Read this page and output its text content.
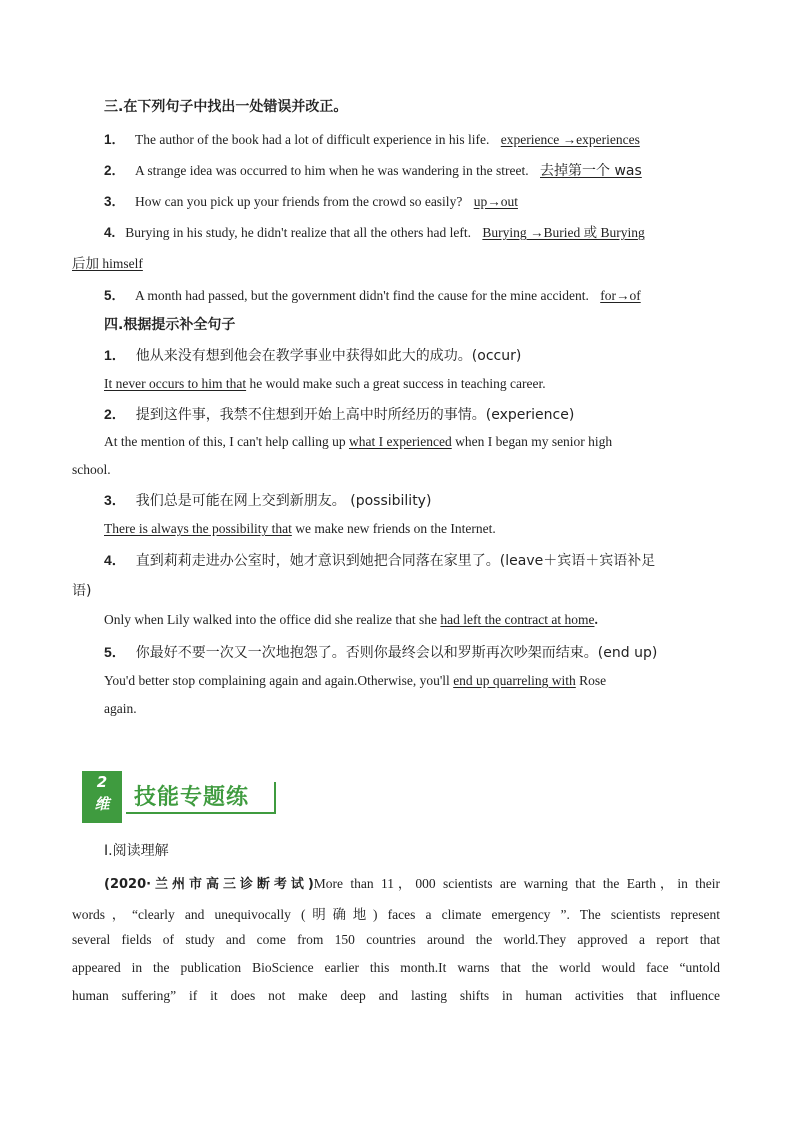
三.在下列句子中找出一处错误并改正。
1． The author of the book had a lot of difficult experience in his life. experience →experiences
2． A strange idea was occurred to him when he was wandering in the street. 去掉第一个 was
3． How can you pick up your friends from the crowd so easily? up→out
4. Burying in his study, he didn't realize that all the others had left. Burying →Buried 或 Burying
后加 himself
5． A month had passed, but the government didn't find the cause for the mine accident. for→of
四.根据提示补全句子
1． 他从来没有想到他会在教学事业中获得如此大的成功。(occur)
It never occurs to him that he would make such a great success in teaching career.
2． 提到这件事，我禁不住想到开始上高中时所经历的事情。(experience)
At the mention of this, I can't help calling up what I experienced when I began my senior high
school.
3． 我们总是可能在网上交到新朋友。 (possibility)
There is always the possibility that we make new friends on the Internet.
4． 直到莉莉走进办公室时，她才意识到她把合同落在家里了。(leave＋宾语＋宾语补足
语)
Only when Lily walked into the office did she realize that she had left the contract at home.
5． 你最好不要一次又一次地抱怨了。否则你最终会以和罗斯再次吵架而结束。(end up)
You'd better stop complaining again and again.Otherwise, you'll end up quarreling with Rose
again.
2
维	技能专题练
Ⅰ.阅读理解
(2020·兰州市高三诊断考试)More than 11，000 scientists are warning that the Earth，in their
words，“clearly and unequivocally (明确地) faces a climate emergency ”. The scientists represent
several fields of study and come from 150 countries around the world.They approved a report that
appeared in the publication BioScience earlier this month.It warns that the world would face “untold
human suffering” if it does not make deep and lasting shifts in human activities that influence
